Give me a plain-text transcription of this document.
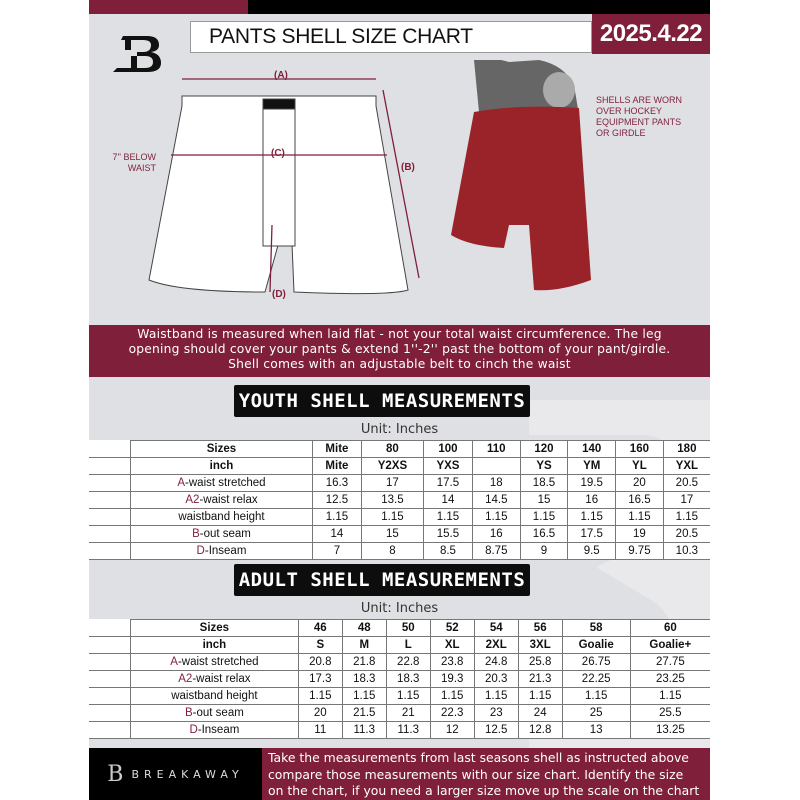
PANTS SHELL SIZE CHART	2025.4.22
(A)
(C)
(B)
(D)
7'' BELOW
WAIST
SHELLS ARE WORN
OVER HOCKEY
EQUIPMENT PANTS
OR GIRDLE
Waistband is measured when laid flat - not your total waist circumference. The leg
opening should cover your pants & extend 1''-2'' past the bottom of your pant/girdle.
Shell comes with an adjustable belt to cinch the waist
YOUTH SHELL MEASUREMENTS
Unit: Inches
	Sizes	Mite	80	100	110	120	140	160	180
	inch	Mite	Y2XS	YXS		YS	YM	YL	YXL
	A-waist stretched	16.3	17	17.5	18	18.5	19.5	20	20.5
	A2-waist relax	12.5	13.5	14	14.5	15	16	16.5	17
	waistband height	1.15	1.15	1.15	1.15	1.15	1.15	1.15	1.15
	B-out seam	14	15	15.5	16	16.5	17.5	19	20.5
	D-Inseam	7	8	8.5	8.75	9	9.5	9.75	10.3
ADULT SHELL MEASUREMENTS
Unit: Inches
	Sizes	46	48	50	52	54	56	58	60
	inch	S	M	L	XL	2XL	3XL	Goalie	Goalie+
	A-waist stretched	20.8	21.8	22.8	23.8	24.8	25.8	26.75	27.75
	A2-waist relax	17.3	18.3	18.3	19.3	20.3	21.3	22.25	23.25
	waistband height	1.15	1.15	1.15	1.15	1.15	1.15	1.15	1.15
	B-out seam	20	21.5	21	22.3	23	24	25	25.5
	D-Inseam	11	11.3	11.3	12	12.5	12.8	13	13.25
B BREAKAWAY
Take the measurements from last seasons shell as instructed above
compare those measurements with our size chart. Identify the size
on the chart, if you need a larger size move up the scale on the chart
